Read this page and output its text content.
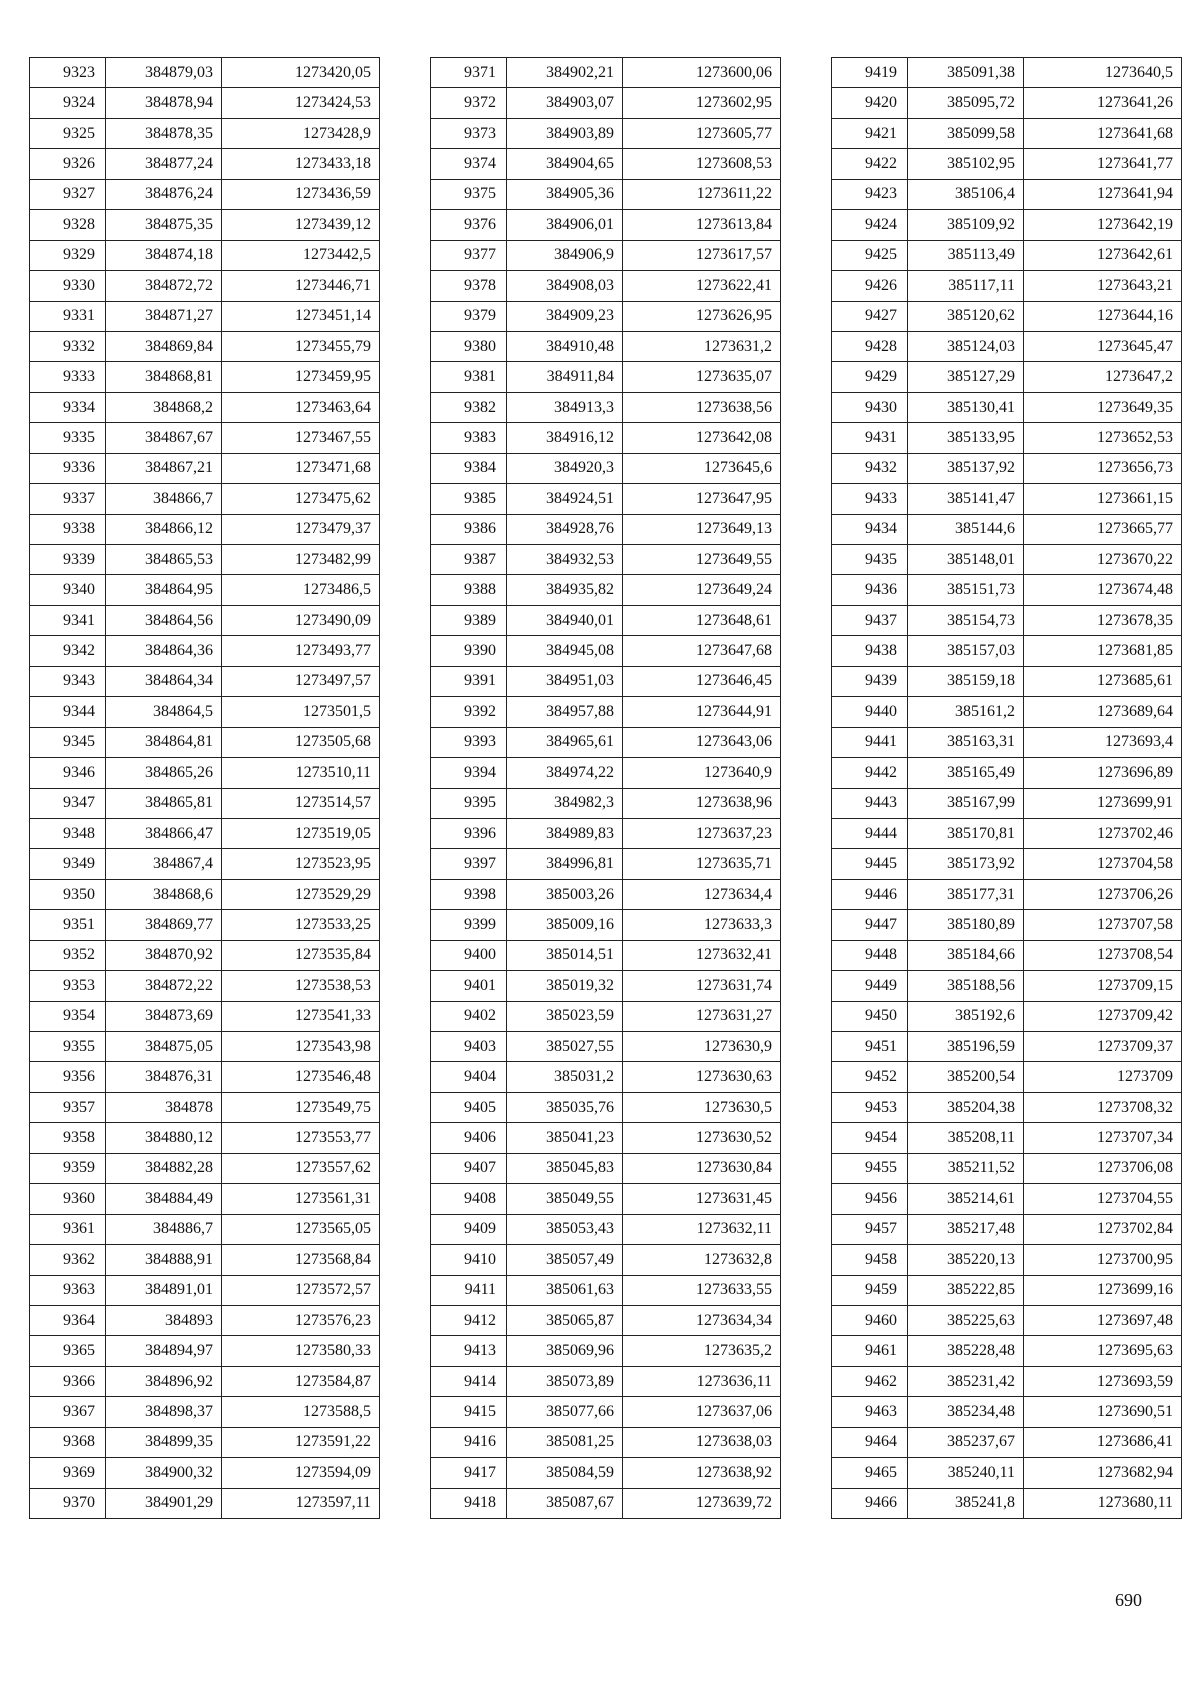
9323	384879,03	1273420,05
9324	384878,94	1273424,53
9325	384878,35	1273428,9
9326	384877,24	1273433,18
9327	384876,24	1273436,59
9328	384875,35	1273439,12
9329	384874,18	1273442,5
9330	384872,72	1273446,71
9331	384871,27	1273451,14
9332	384869,84	1273455,79
9333	384868,81	1273459,95
9334	384868,2	1273463,64
9335	384867,67	1273467,55
9336	384867,21	1273471,68
9337	384866,7	1273475,62
9338	384866,12	1273479,37
9339	384865,53	1273482,99
9340	384864,95	1273486,5
9341	384864,56	1273490,09
9342	384864,36	1273493,77
9343	384864,34	1273497,57
9344	384864,5	1273501,5
9345	384864,81	1273505,68
9346	384865,26	1273510,11
9347	384865,81	1273514,57
9348	384866,47	1273519,05
9349	384867,4	1273523,95
9350	384868,6	1273529,29
9351	384869,77	1273533,25
9352	384870,92	1273535,84
9353	384872,22	1273538,53
9354	384873,69	1273541,33
9355	384875,05	1273543,98
9356	384876,31	1273546,48
9357	384878	1273549,75
9358	384880,12	1273553,77
9359	384882,28	1273557,62
9360	384884,49	1273561,31
9361	384886,7	1273565,05
9362	384888,91	1273568,84
9363	384891,01	1273572,57
9364	384893	1273576,23
9365	384894,97	1273580,33
9366	384896,92	1273584,87
9367	384898,37	1273588,5
9368	384899,35	1273591,22
9369	384900,32	1273594,09
9370	384901,29	1273597,11
9371	384902,21	1273600,06
9372	384903,07	1273602,95
9373	384903,89	1273605,77
9374	384904,65	1273608,53
9375	384905,36	1273611,22
9376	384906,01	1273613,84
9377	384906,9	1273617,57
9378	384908,03	1273622,41
9379	384909,23	1273626,95
9380	384910,48	1273631,2
9381	384911,84	1273635,07
9382	384913,3	1273638,56
9383	384916,12	1273642,08
9384	384920,3	1273645,6
9385	384924,51	1273647,95
9386	384928,76	1273649,13
9387	384932,53	1273649,55
9388	384935,82	1273649,24
9389	384940,01	1273648,61
9390	384945,08	1273647,68
9391	384951,03	1273646,45
9392	384957,88	1273644,91
9393	384965,61	1273643,06
9394	384974,22	1273640,9
9395	384982,3	1273638,96
9396	384989,83	1273637,23
9397	384996,81	1273635,71
9398	385003,26	1273634,4
9399	385009,16	1273633,3
9400	385014,51	1273632,41
9401	385019,32	1273631,74
9402	385023,59	1273631,27
9403	385027,55	1273630,9
9404	385031,2	1273630,63
9405	385035,76	1273630,5
9406	385041,23	1273630,52
9407	385045,83	1273630,84
9408	385049,55	1273631,45
9409	385053,43	1273632,11
9410	385057,49	1273632,8
9411	385061,63	1273633,55
9412	385065,87	1273634,34
9413	385069,96	1273635,2
9414	385073,89	1273636,11
9415	385077,66	1273637,06
9416	385081,25	1273638,03
9417	385084,59	1273638,92
9418	385087,67	1273639,72
9419	385091,38	1273640,5
9420	385095,72	1273641,26
9421	385099,58	1273641,68
9422	385102,95	1273641,77
9423	385106,4	1273641,94
9424	385109,92	1273642,19
9425	385113,49	1273642,61
9426	385117,11	1273643,21
9427	385120,62	1273644,16
9428	385124,03	1273645,47
9429	385127,29	1273647,2
9430	385130,41	1273649,35
9431	385133,95	1273652,53
9432	385137,92	1273656,73
9433	385141,47	1273661,15
9434	385144,6	1273665,77
9435	385148,01	1273670,22
9436	385151,73	1273674,48
9437	385154,73	1273678,35
9438	385157,03	1273681,85
9439	385159,18	1273685,61
9440	385161,2	1273689,64
9441	385163,31	1273693,4
9442	385165,49	1273696,89
9443	385167,99	1273699,91
9444	385170,81	1273702,46
9445	385173,92	1273704,58
9446	385177,31	1273706,26
9447	385180,89	1273707,58
9448	385184,66	1273708,54
9449	385188,56	1273709,15
9450	385192,6	1273709,42
9451	385196,59	1273709,37
9452	385200,54	1273709
9453	385204,38	1273708,32
9454	385208,11	1273707,34
9455	385211,52	1273706,08
9456	385214,61	1273704,55
9457	385217,48	1273702,84
9458	385220,13	1273700,95
9459	385222,85	1273699,16
9460	385225,63	1273697,48
9461	385228,48	1273695,63
9462	385231,42	1273693,59
9463	385234,48	1273690,51
9464	385237,67	1273686,41
9465	385240,11	1273682,94
9466	385241,8	1273680,11
690
